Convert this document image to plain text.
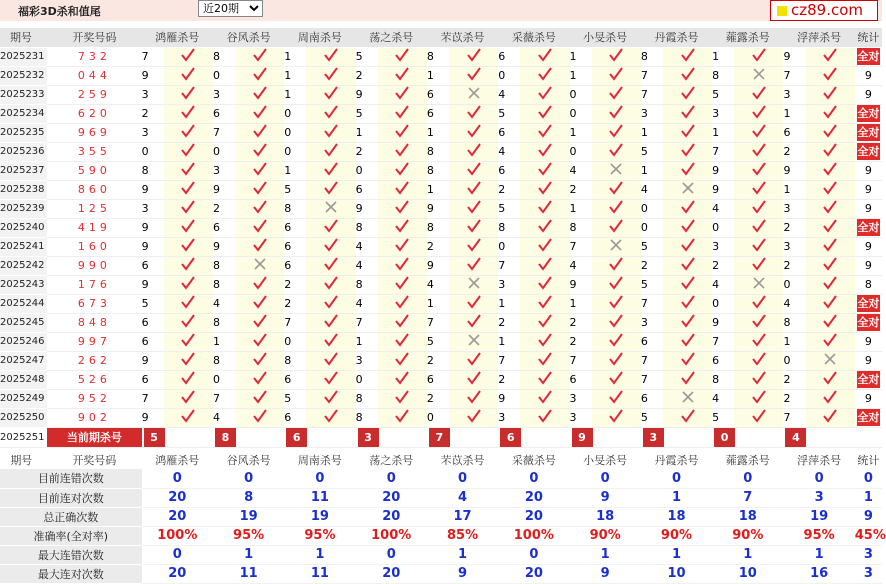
福彩3D杀和值尾
近20期	cz89.com
期号	开奖号码	鸿雁杀号		谷风杀号		周南杀号		荡之杀号		芣苡杀号		采薇杀号		小旻杀号		丹霞杀号		蕹露杀号		浮萍杀号		统计
2025231	732	7		8		1		5		8		6		1		8		1		9		全对
2025232	044	9		0		1		2		1		0		1		7		8		7		9
2025233	259	3		3		1		9		6		4		0		7		5		3		9
2025234	620	2		6		0		5		6		5		0		3		3		1		全对
2025235	969	3		7		0		1		1		6		1		1		1		6		全对
2025236	355	0		0		0		2		8		4		0		5		7		2		全对
2025237	590	8		3		1		0		8		6		4		1		9		9		9
2025238	860	9		9		5		6		1		2		2		4		9		1		9
2025239	125	3		2		8		9		9		5		1		0		4		3		9
2025240	419	9		6		6		8		8		8		8		0		0		2		全对
2025241	160	9		9		6		4		2		0		7		5		3		3		9
2025242	990	6		8		6		4		9		7		4		2		2		2		9
2025243	176	9		8		2		8		4		3		9		5		4		0		8
2025244	673	5		4		2		4		1		1		1		7		0		4		全对
2025245	848	6		8		7		7		7		2		2		3		9		8		全对
2025246	997	6		1		0		1		5		1		2		6		7		1		9
2025247	262	9		8		8		3		2		7		7		7		6		0		9
2025248	526	6		0		6		0		6		2		6		7		8		2		全对
2025249	952	7		7		5		8		2		9		3		6		4		2		9
2025250	902	9		4		6		8		0		3		3		5		5		7		全对
2025251	当前期杀号	5		8		6		3		7		6		9		3		0		4		
期号 开奖号码	鸿雁杀号	谷风杀号	周南杀号	荡之杀号	芣苡杀号	采薇杀号	小旻杀号	丹霞杀号	蕹露杀号	浮萍杀号	统计
目前连错次数	0	0	0	0	0	0	0	0	0	0	0
目前连对次数	20	8	11	20	4	20	9	1	7	3	1
总正确次数	20	19	19	20	17	20	18	18	18	19	9
准确率(全对率)	100%	95%	95%	100%	85%	100%	90%	90%	90%	95%	45%
最大连错次数	0	1	1	0	1	0	1	1	1	1	3
最大连对次数	20	11	11	20	9	20	9	10	10	16	3
